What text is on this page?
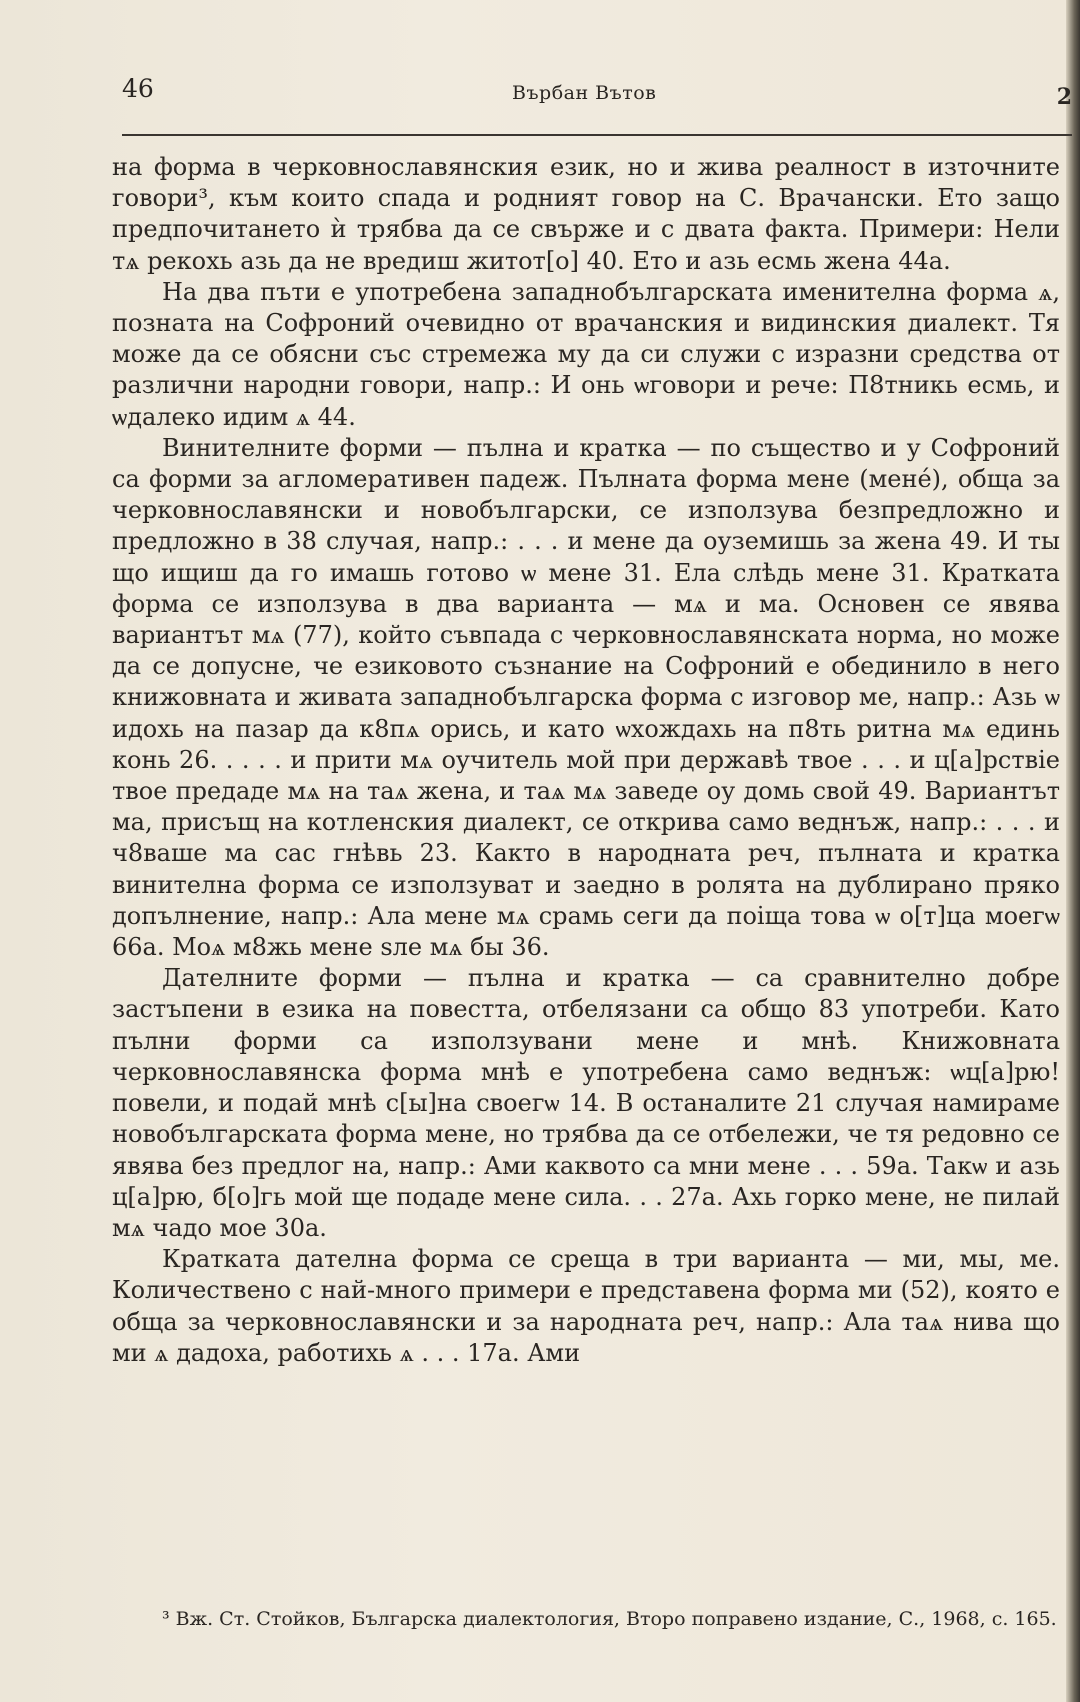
46	Върбан Вътов	2

на форма в черковнославянския език, но и жива реалност в източните говори³, към които спада и родният говор на С. Врачански. Ето защо предпочитането ѝ трябва да се свърже и с двата факта. Примери: Нели тѧ рекохь азь да не вредиш житот[о] 40. Ето и азь есмь жена 44а.

На два пъти е употребена западнобългарската именителна форма ѧ, позната на Софроний очевидно от врачанския и видинския диалект. Тя може да се обясни със стремежа му да си служи с изразни средства от различни народни говори, напр.: И онь ѡговори и рече: П8тникь есмь, и ѡдалеко идим ѧ 44.

Винителните форми — пълна и кратка — по същество и у Софроний са форми за агломеративен падеж. Пълната форма мене (мене́), обща за черковнославянски и новобългарски, се използува безпредложно и предложно в 38 случая, напр.: . . . и мене да оуземишь за жена 49. И ты що ищиш да го имашь готово ѡ мене 31. Ела слѣдь мене 31. Кратката форма се използува в два варианта — мѧ и ма. Основен се явява вариантът мѧ (77), който съвпада с черковнославянската норма, но може да се допусне, че езиковото съзнание на Софроний е обединило в него книжовната и живата западнобългарска форма с изговор ме, напр.: Азь ѡ идохь на пазар да к8пѧ орись, и като ѡхождахь на п8ть ритна мѧ единь конь 26. . . . . и прити мѧ оучитель мой при державѣ твое . . . и ц[а]рствіе твое предаде мѧ на таѧ жена, и таѧ мѧ заведе оу домь свой 49. Вариантът ма, присъщ на котленския диалект, се открива само веднъж, напр.: . . . и ч8ваше ма сас гнѣвь 23. Както в народната реч, пълната и кратка винителна форма се използуват и заедно в ролята на дублирано пряко допълнение, напр.: Ала мене мѧ срамь сеги да поіща това ѡ о[т]ца моегѡ 66а. Моѧ м8жь мене ѕле мѧ бы 36.

Дателните форми — пълна и кратка — са сравнително добре застъпени в езика на повестта, отбелязани са общо 83 употреби. Като пълни форми са използувани мене и мнѣ. Книжовната черковнославянска форма мнѣ е употребена само веднъж: ѡц[а]рю! повели, и подай мнѣ с[ы]на своегѡ 14. В останалите 21 случая намираме новобългарската форма мене, но трябва да се отбележи, че тя редовно се явява без предлог на, напр.: Ами каквото са мни мене . . . 59а. Такѡ и азь ц[а]рю, б[о]гь мой ще подаде мене сила. . . 27а. Ахь горко мене, не пилай мѧ чадо мое 30а.

Кратката дателна форма се среща в три варианта — ми, мы, ме. Количествено с най-много примери е представена форма ми (52), която е обща за черковнославянски и за народната реч, напр.: Ала таѧ нива що ми ѧ дадоха, работихь ѧ . . . 17а. Ами

³ Вж. Ст. Стойков, Българска диалектология, Второ поправено издание, С., 1968, с. 165.
